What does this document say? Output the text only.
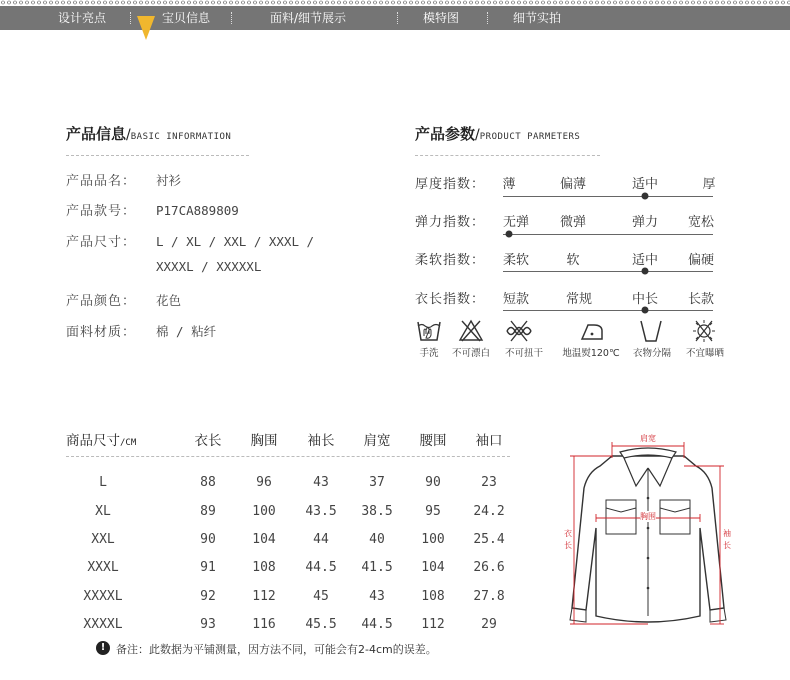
设计亮点	宝贝信息	面料/细节展示	模特图	细节实拍
产品信息/BASIC INFORMATION
产品品名： 衬衫
产品款号： P17CA889809
产品尺寸： L / XL / XXL / XXXL /
XXXXL / XXXXXL
产品颜色： 花色
面料材质： 棉 / 粘纤
产品参数/PRODUCT PARMETERS
厚度指数： 薄	偏薄	适中	厚
弹力指数： 无弹 微弹	弹力 宽松
柔软指数： 柔软	软	适中 偏硬
衣长指数： 短款	常规	中长 长款
手洗 不可漂白 不可扭干 地温熨120℃ 衣物分隔 不宜曝晒
商品尺寸/CM	衣长 胸围 袖长 肩宽 腰围 袖口
L	88	96	43	37	90	23
XL	89	100 43.5 38.5	95	24.2
XXL	90	104	44	40	100 25.4
XXXL	91	108 44.5 41.5 104 26.6
XXXXL	92	112	45	43	108 27.8
XXXXL	93	116 45.5 44.5 112	29
! 备注：此数据为平铺测量，因方法不同，可能会有2-4cm的误差。
肩宽
胸围
衣长
袖长
